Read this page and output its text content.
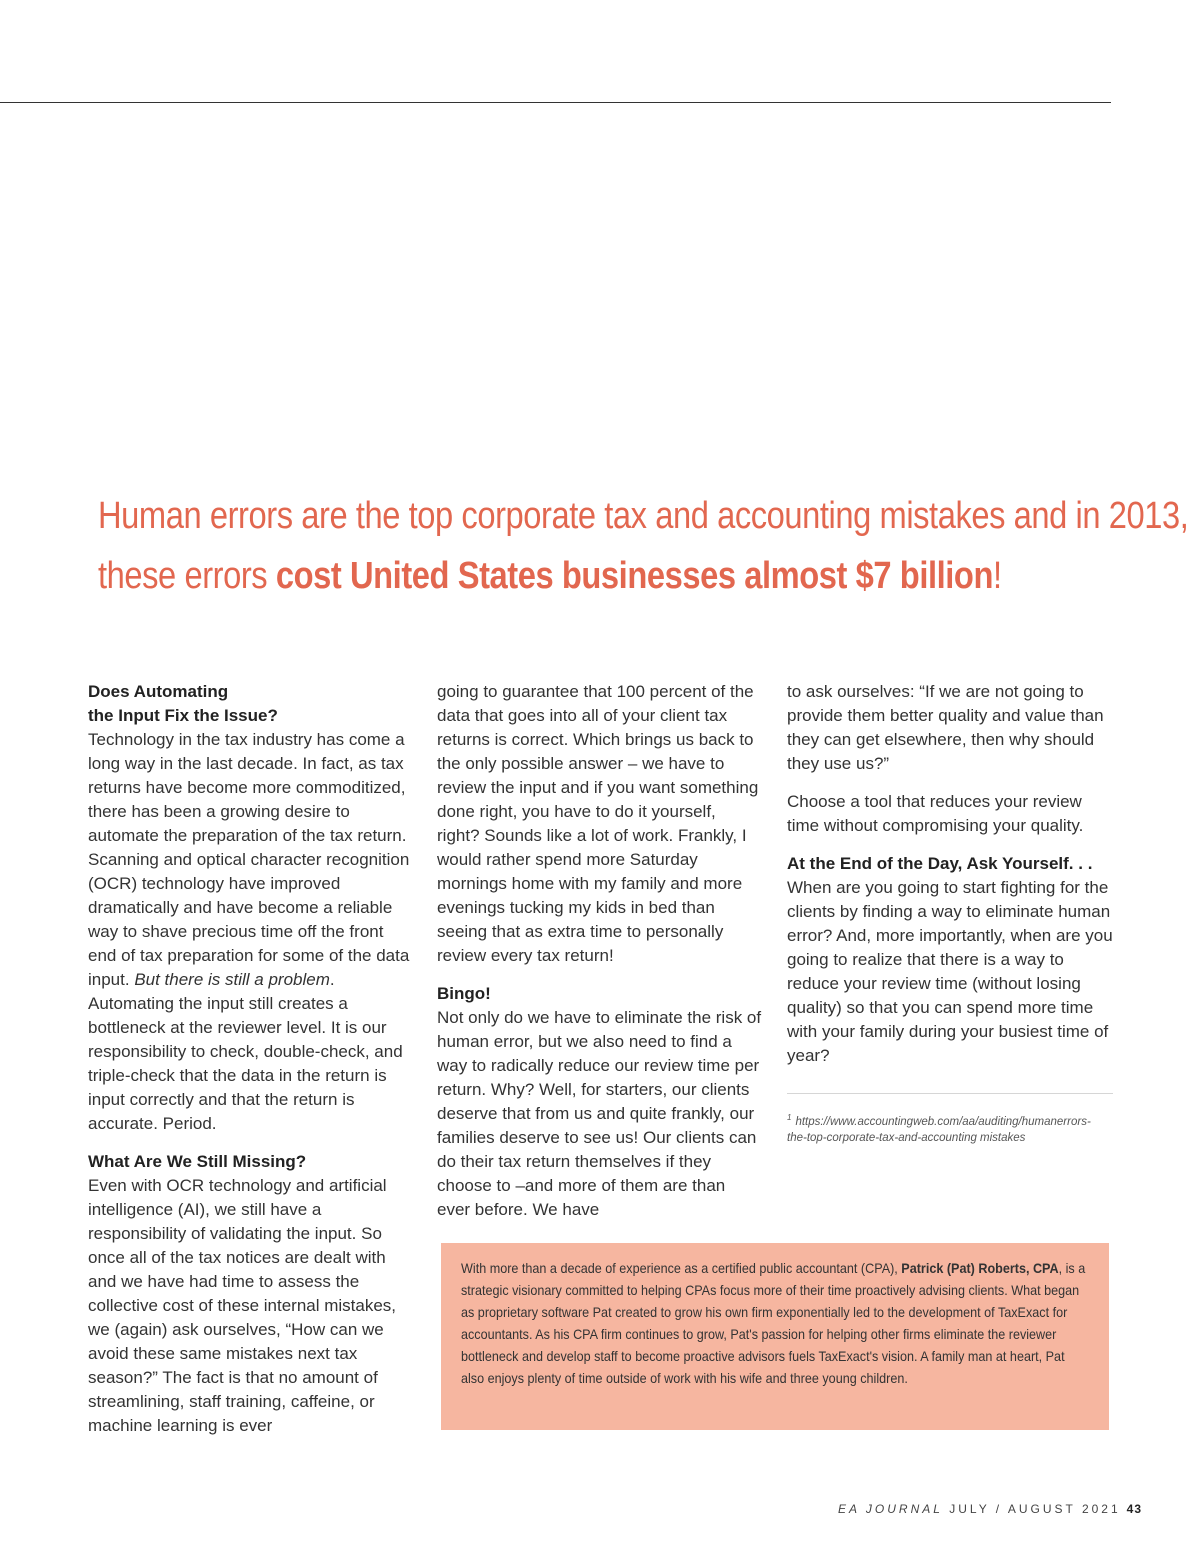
Human errors are the top corporate tax and accounting mistakes and in 2013,
these errors cost United States businesses almost $7 billion!

Does Automating
the Input Fix the Issue?
Technology in the tax industry has come a long way in the last decade. In fact, as tax returns have become more commoditized, there has been a growing desire to automate the preparation of the tax return. Scanning and optical character recognition (OCR) technology have improved dramatically and have become a reliable way to shave precious time off the front end of tax preparation for some of the data input. But there is still a problem. Automating the input still creates a bottleneck at the reviewer level. It is our responsibility to check, double-check, and triple-check that the data in the return is input correctly and that the return is accurate. Period.

What Are We Still Missing?
Even with OCR technology and artificial intelligence (AI), we still have a responsibility of validating the input. So once all of the tax notices are dealt with and we have had time to assess the collective cost of these internal mistakes, we (again) ask ourselves, “How can we avoid these same mistakes next tax season?” The fact is that no amount of streamlining, staff training, caffeine, or machine learning is ever

going to guarantee that 100 percent of the data that goes into all of your client tax returns is correct. Which brings us back to the only possible answer – we have to review the input and if you want something done right, you have to do it yourself, right? Sounds like a lot of work. Frankly, I would rather spend more Saturday mornings home with my family and more evenings tucking my kids in bed than seeing that as extra time to personally review every tax return!

Bingo!
Not only do we have to eliminate the risk of human error, but we also need to find a way to radically reduce our review time per return. Why? Well, for starters, our clients deserve that from us and quite frankly, our families deserve to see us! Our clients can do their tax return themselves if they choose to –and more of them are than ever before. We have

to ask ourselves: “If we are not going to provide them better quality and value than they can get elsewhere, then why should they use us?”

Choose a tool that reduces your review time without compromising your quality.

At the End of the Day, Ask Yourself. . .
When are you going to start fighting for the clients by finding a way to eliminate human error? And, more importantly, when are you going to realize that there is a way to reduce your review time (without losing quality) so that you can spend more time with your family during your busiest time of year?

$^1$ https://www.accountingweb.com/aa/auditing/humanerrors-the-top-corporate-tax-and-accounting mistakes
With more than a decade of experience as a certified public accountant (CPA), Patrick (Pat) Roberts, CPA, is a strategic visionary committed to helping CPAs focus more of their time proactively advising clients. What began as proprietary software Pat created to grow his own firm exponentially led to the development of TaxExact for accountants. As his CPA firm continues to grow, Pat's passion for helping other firms eliminate the reviewer bottleneck and develop staff to become proactive advisors fuels TaxExact's vision. A family man at heart, Pat also enjoys plenty of time outside of work with his wife and three young children.
EA JOURNAL JULY / AUGUST 2021 43
